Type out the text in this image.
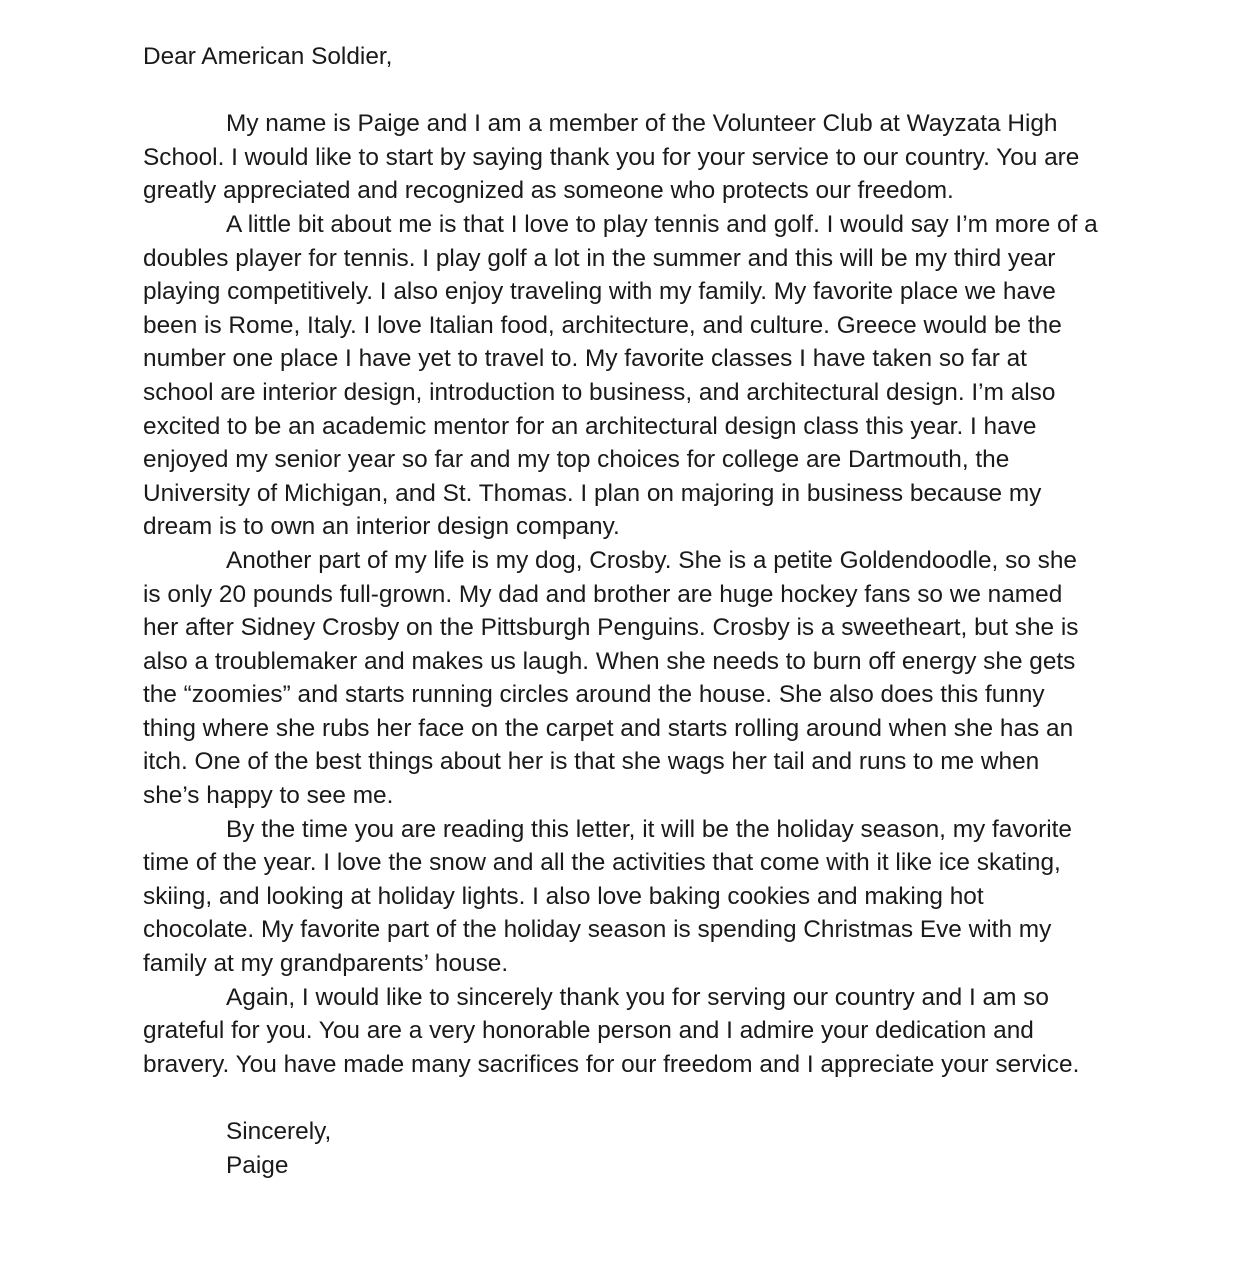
Dear American Soldier,

My name is Paige and I am a member of the Volunteer Club at Wayzata High School. I would like to start by saying thank you for your service to our country. You are greatly appreciated and recognized as someone who protects our freedom.

A little bit about me is that I love to play tennis and golf. I would say I’m more of a doubles player for tennis. I play golf a lot in the summer and this will be my third year playing competitively. I also enjoy traveling with my family. My favorite place we have been is Rome, Italy. I love Italian food, architecture, and culture. Greece would be the number one place I have yet to travel to. My favorite classes I have taken so far at school are interior design, introduction to business, and architectural design. I’m also excited to be an academic mentor for an architectural design class this year. I have enjoyed my senior year so far and my top choices for college are Dartmouth, the University of Michigan, and St. Thomas. I plan on majoring in business because my dream is to own an interior design company.

Another part of my life is my dog, Crosby. She is a petite Goldendoodle, so she is only 20 pounds full-grown. My dad and brother are huge hockey fans so we named her after Sidney Crosby on the Pittsburgh Penguins. Crosby is a sweetheart, but she is also a troublemaker and makes us laugh. When she needs to burn off energy she gets the “zoomies” and starts running circles around the house. She also does this funny thing where she rubs her face on the carpet and starts rolling around when she has an itch. One of the best things about her is that she wags her tail and runs to me when she’s happy to see me.

By the time you are reading this letter, it will be the holiday season, my favorite time of the year. I love the snow and all the activities that come with it like ice skating, skiing, and looking at holiday lights. I also love baking cookies and making hot chocolate. My favorite part of the holiday season is spending Christmas Eve with my family at my grandparents’ house.

Again, I would like to sincerely thank you for serving our country and I am so grateful for you. You are a very honorable person and I admire your dedication and bravery. You have made many sacrifices for our freedom and I appreciate your service.

Sincerely,
Paige
